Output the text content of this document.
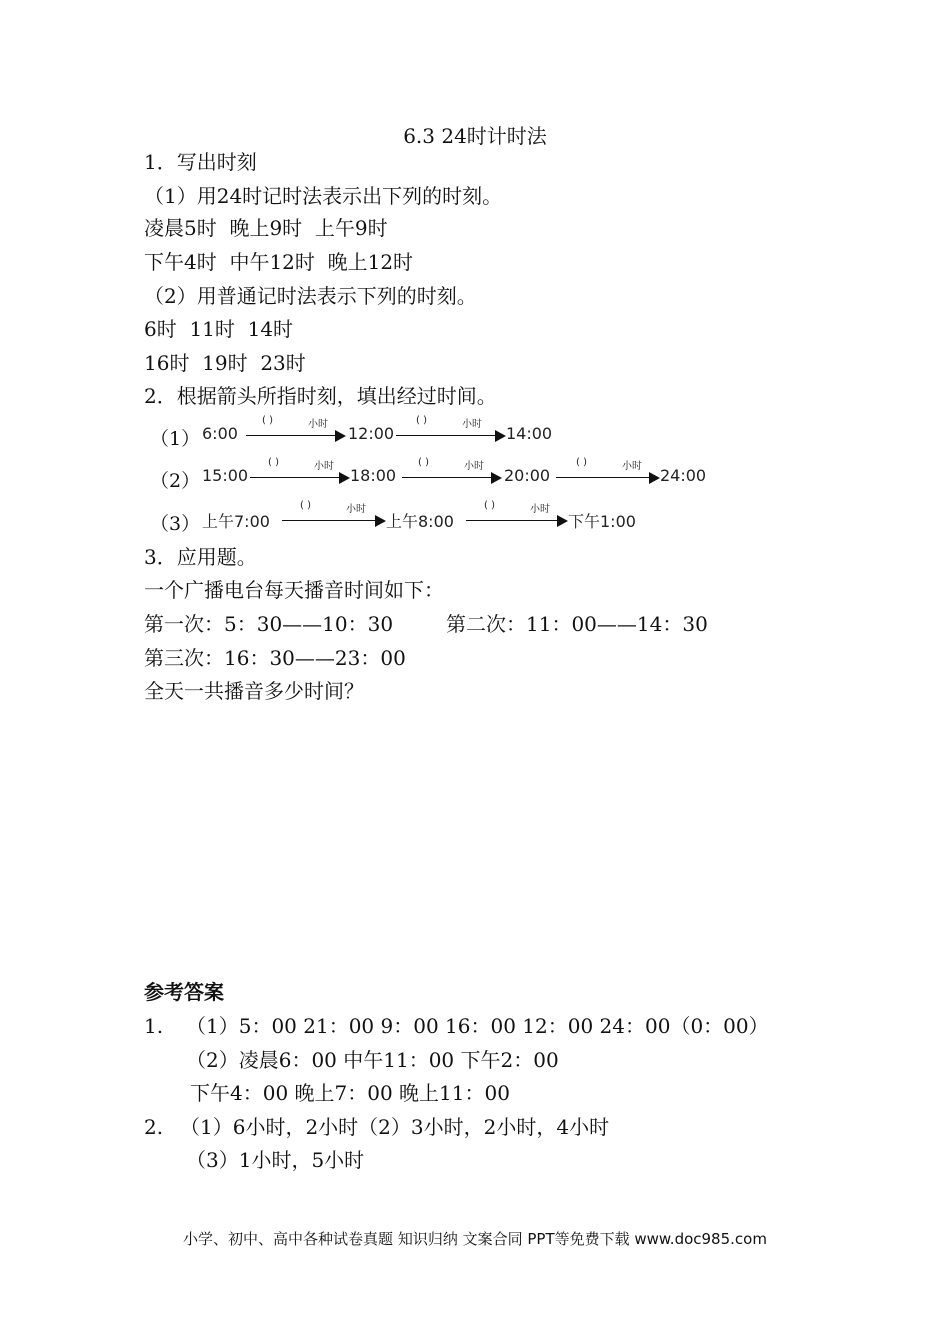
6.3 24时计时法
1．写出时刻
（1）用24时记时法表示出下列的时刻。
凌晨5时  晚上9时  上午9时
下午4时  中午12时  晚上12时
（2）用普通记时法表示下列的时刻。
6时  11时  14时
16时  19时  23时
2．根据箭头所指时刻，填出经过时间。
（1） 6:00
( )	小时 12:00
( )	小时 14:00
（2） 15:00
( )	小时 18:00
( )	小时 20:00
( )	小时 24:00
（3） 上午7:00
( )	小时
上午8:00
( )	小时
下午1:00
3．应用题。
一个广播电台每天播音时间如下：
第一次：5：30——10：30	第二次：11：00——14：30
第三次：16：30——23：00
全天一共播音多少时间？
参考答案
1. （1）5：00 21：00 9：00 16：00 12：00 24：00（0：00）
（2）凌晨6：00 中午11：00 下午2：00
下午4：00 晚上7：00 晚上11：00
2. （1）6小时，2小时（2）3小时，2小时，4小时
（3）1小时，5小时
小学、初中、高中各种试卷真题 知识归纳 文案合同 PPT等免费下载 www.doc985.com
